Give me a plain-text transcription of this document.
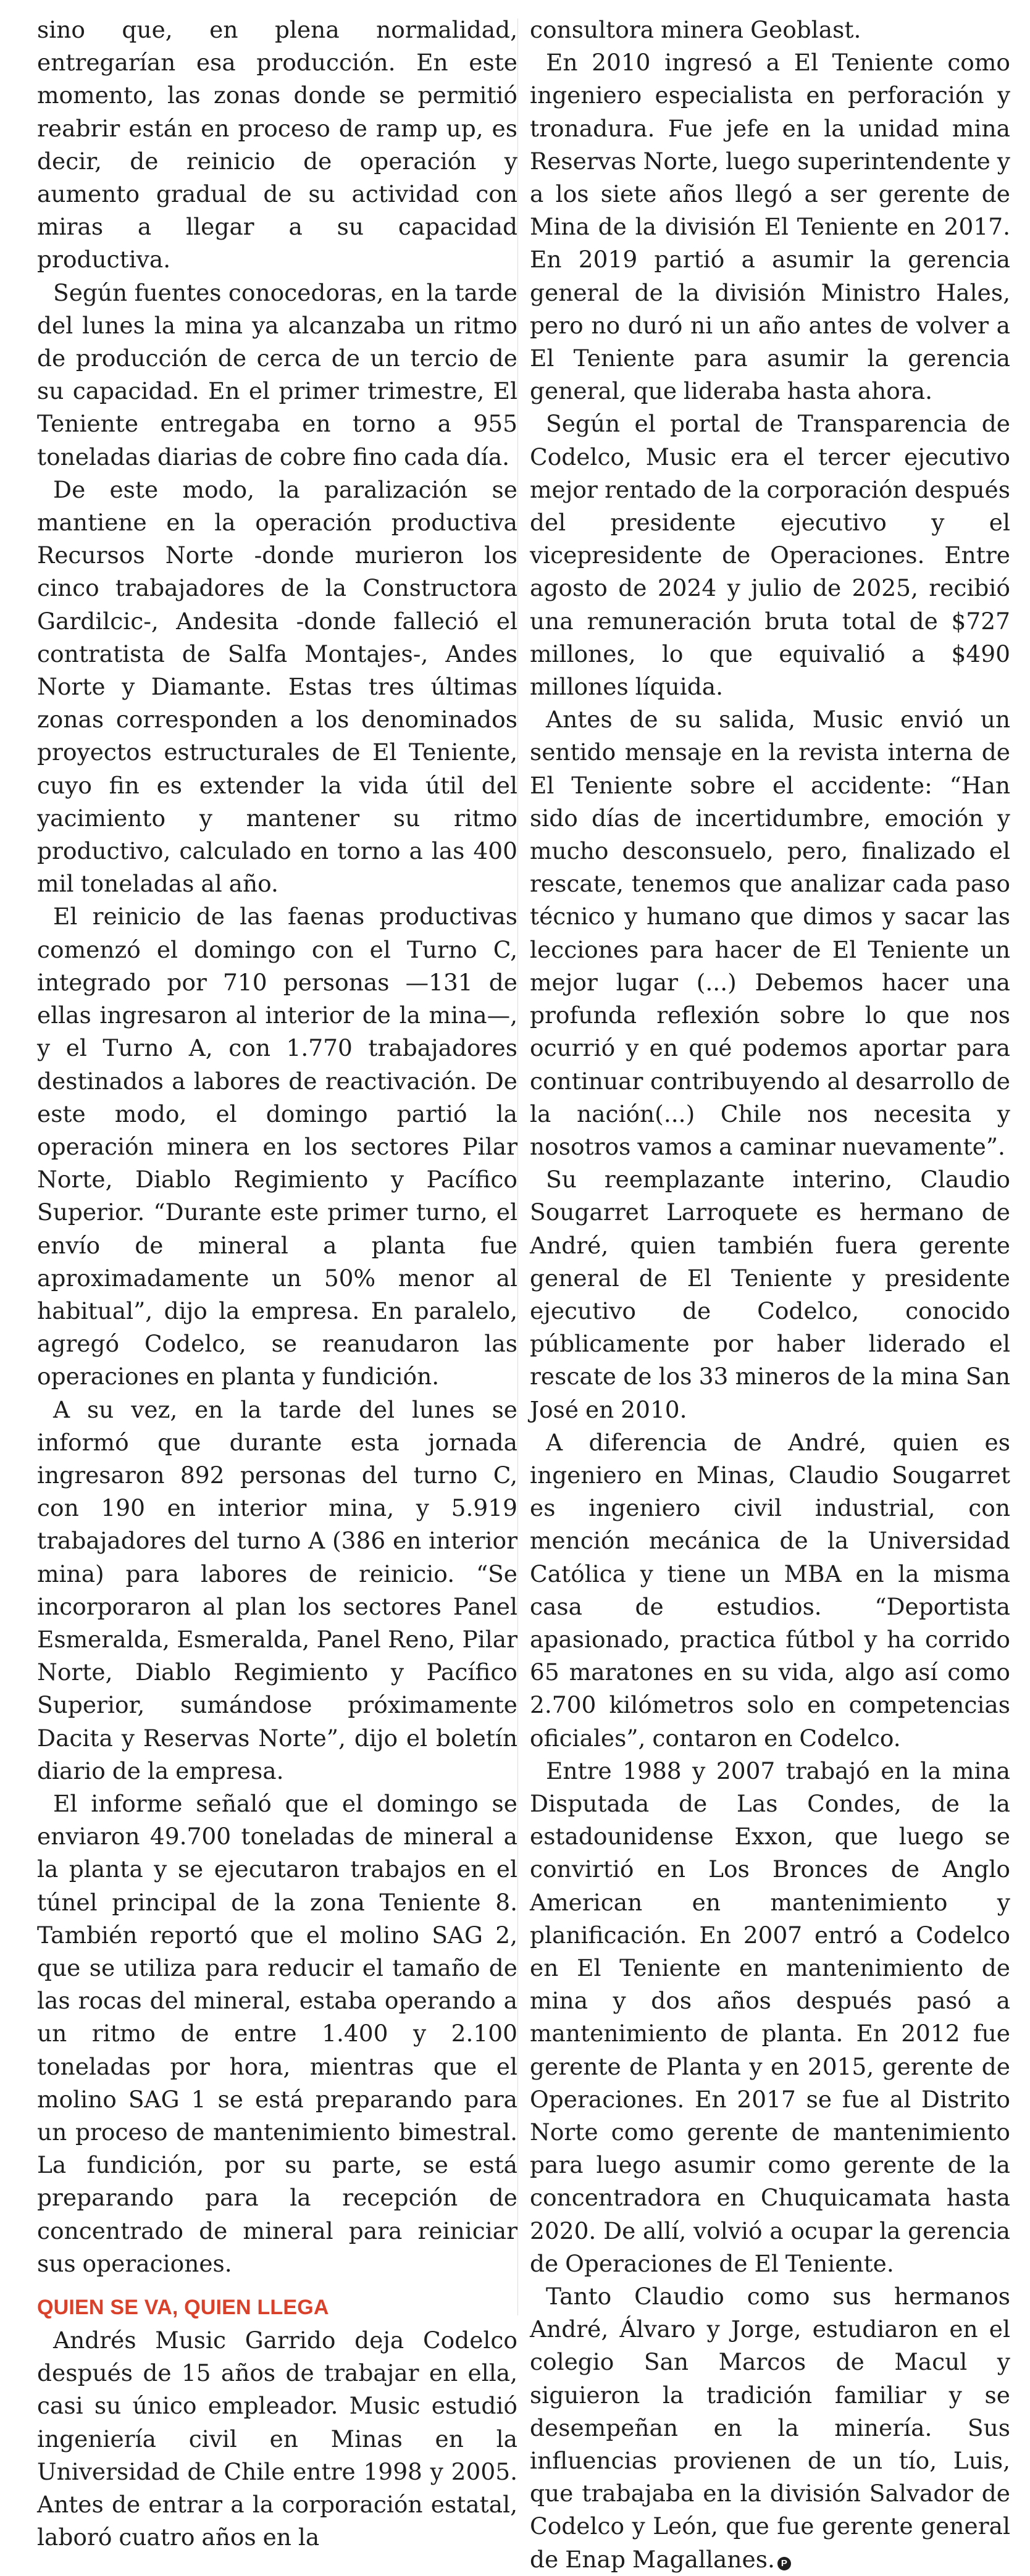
sino que, en plena normalidad, entregarían esa producción. En este momento, las zonas donde se permitió reabrir están en proceso de ramp up, es decir, de reinicio de operación y aumento gradual de su actividad con miras a llegar a su capacidad productiva.

Según fuentes conocedoras, en la tarde del lunes la mina ya alcanzaba un ritmo de producción de cerca de un tercio de su capacidad. En el primer trimestre, El Teniente entregaba en torno a 955 toneladas diarias de cobre fino cada día.

De este modo, la paralización se mantiene en la operación productiva Recursos Norte -donde murieron los cinco trabajadores de la Constructora Gardilcic-, Andesita -donde falleció el contratista de Salfa Montajes-, Andes Norte y Diamante. Estas tres últimas zonas corresponden a los denominados proyectos estructurales de El Teniente, cuyo fin es extender la vida útil del yacimiento y mantener su ritmo productivo, calculado en torno a las 400 mil toneladas al año.

El reinicio de las faenas productivas comenzó el domingo con el Turno C, integrado por 710 personas —131 de ellas ingresaron al interior de la mina—, y el Turno A, con 1.770 trabajadores destinados a labores de reactivación. De este modo, el domingo partió la operación minera en los sectores Pilar Norte, Diablo Regimiento y Pacífico Superior. “Durante este primer turno, el envío de mineral a planta fue aproximadamente un 50% menor al habitual”, dijo la empresa. En paralelo, agregó Codelco, se reanudaron las operaciones en planta y fundición.

A su vez, en la tarde del lunes se informó que durante esta jornada ingresaron 892 personas del turno C, con 190 en interior mina, y 5.919 trabajadores del turno A (386 en interior mina) para labores de reinicio. “Se incorporaron al plan los sectores Panel Esmeralda, Esmeralda, Panel Reno, Pilar Norte, Diablo Regimiento y Pacífico Superior, sumándose próximamente Dacita y Reservas Norte”, dijo el boletín diario de la empresa.

El informe señaló que el domingo se enviaron 49.700 toneladas de mineral a la planta y se ejecutaron trabajos en el túnel principal de la zona Teniente 8. También reportó que el molino SAG 2, que se utiliza para reducir el tamaño de las rocas del mineral, estaba operando a un ritmo de entre 1.400 y 2.100 toneladas por hora, mientras que el molino SAG 1 se está preparando para un proceso de mantenimiento bimestral. La fundición, por su parte, se está preparando para la recepción de concentrado de mineral para reiniciar sus operaciones.

QUIEN SE VA, QUIEN LLEGA

Andrés Music Garrido deja Codelco después de 15 años de trabajar en ella, casi su único empleador. Music estudió ingeniería civil en Minas en la Universidad de Chile entre 1998 y 2005. Antes de entrar a la corporación estatal, laboró cuatro años en la

consultora minera Geoblast.

En 2010 ingresó a El Teniente como ingeniero especialista en perforación y tronadura. Fue jefe en la unidad mina Reservas Norte, luego superintendente y a los siete años llegó a ser gerente de Mina de la división El Teniente en 2017. En 2019 partió a asumir la gerencia general de la división Ministro Hales, pero no duró ni un año antes de volver a El Teniente para asumir la gerencia general, que lideraba hasta ahora.

Según el portal de Transparencia de Codelco, Music era el tercer ejecutivo mejor rentado de la corporación después del presidente ejecutivo y el vicepresidente de Operaciones. Entre agosto de 2024 y julio de 2025, recibió una remuneración bruta total de $727 millones, lo que equivalió a $490 millones líquida.

Antes de su salida, Music envió un sentido mensaje en la revista interna de El Teniente sobre el accidente: “Han sido días de incertidumbre, emoción y mucho desconsuelo, pero, finalizado el rescate, tenemos que analizar cada paso técnico y humano que dimos y sacar las lecciones para hacer de El Teniente un mejor lugar (...) Debemos hacer una profunda reflexión sobre lo que nos ocurrió y en qué podemos aportar para continuar contribuyendo al desarrollo de la nación(...) Chile nos necesita y nosotros vamos a caminar nuevamente”.

Su reemplazante interino, Claudio Sougarret Larroquete es hermano de André, quien también fuera gerente general de El Teniente y presidente ejecutivo de Codelco, conocido públicamente por haber liderado el rescate de los 33 mineros de la mina San José en 2010.

A diferencia de André, quien es ingeniero en Minas, Claudio Sougarret es ingeniero civil industrial, con mención mecánica de la Universidad Católica y tiene un MBA en la misma casa de estudios. “Deportista apasionado, practica fútbol y ha corrido 65 maratones en su vida, algo así como 2.700 kilómetros solo en competencias oficiales”, contaron en Codelco.

Entre 1988 y 2007 trabajó en la mina Disputada de Las Condes, de la estadounidense Exxon, que luego se convirtió en Los Bronces de Anglo American en mantenimiento y planificación. En 2007 entró a Codelco en El Teniente en mantenimiento de mina y dos años después pasó a mantenimiento de planta. En 2012 fue gerente de Planta y en 2015, gerente de Operaciones. En 2017 se fue al Distrito Norte como gerente de mantenimiento para luego asumir como gerente de la concentradora en Chuquicamata hasta 2020. De allí, volvió a ocupar la gerencia de Operaciones de El Teniente.

Tanto Claudio como sus hermanos André, Álvaro y Jorge, estudiaron en el colegio San Marcos de Macul y siguieron la tradición familiar y se desempeñan en la minería. Sus influencias provienen de un tío, Luis, que trabajaba en la división Salvador de Codelco y León, que fue gerente general de Enap Magallanes. P
